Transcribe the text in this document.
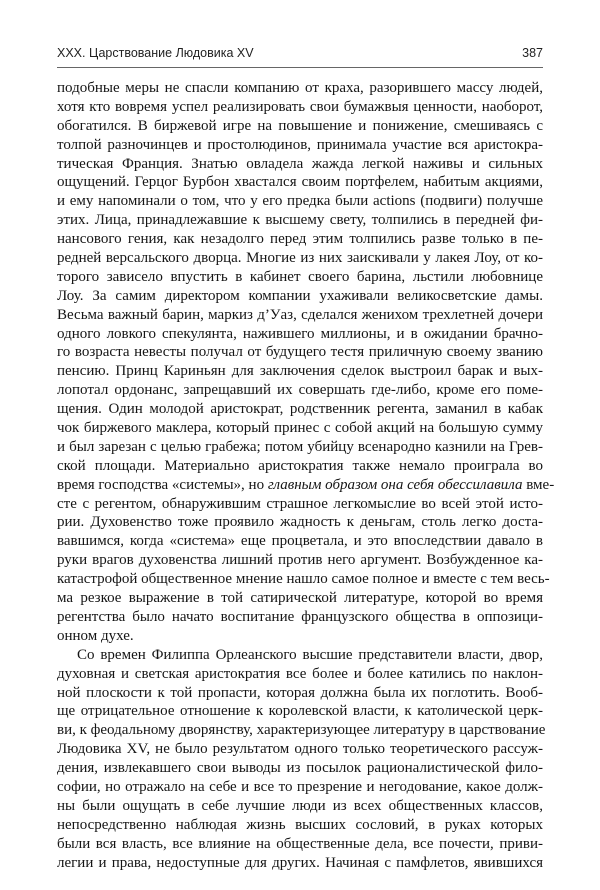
XXX. Царствование Людовика XV	387
подобные меры не спасли компанию от краха, разорившего массу людей,
хотя кто вовремя успел реализировать свои бумажвыя ценности, наоборот,
обогатился. В биржевой игре на повышение и понижение, смешиваясь с
толпой разночинцев и простолюдинов, принимала участие вся аристокра-
тическая Франция. Знатью овладела жажда легкой наживы и сильных
ощущений. Герцог Бурбон хвастался своим портфелем, набитым акциями,
и ему напоминали о том, что у его предка были actions (подвиги) получше
этих. Лица, принадлежавшие к высшему свету, толпились в передней фи-
нансового гения, как незадолго перед этим толпились разве только в пе-
редней версальского дворца. Многие из них заискивали у лакея Лоу, от ко-
торого зависело впустить в кабинет своего барина, льстили любовнице
Лоу. За самим директором компании ухаживали великосветские дамы.
Весьма важный барин, маркиз д’Уаз, сделался женихом трехлетней дочери
одного ловкого спекулянта, нажившего миллионы, и в ожидании брачно-
го возраста невесты получал от будущего тестя приличную своему званию
пенсию. Принц Кариньян для заключения сделок выстроил барак и вых-
лопотал ордонанс, запрещавший их совершать где-либо, кроме его поме-
щения. Один молодой аристократ, родственник регента, заманил в кабак
чок биржевого маклера, который принес с собой акций на большую сумму
и был зарезан с целью грабежа; потом убийцу всенародно казнили на Грев-
ской площади. Материально аристократия также немало проиграла во
время господства «системы», но главным образом она себя обессилавила вме-
сте с регентом, обнаружившим страшное легкомыслие во всей этой исто-
рии. Духовенство тоже проявило жадность к деньгам, столь легко доста-
вавшимся, когда «система» еще процветала, и это впоследствии давало в
руки врагов духовенства лишний против него аргумент. Возбужденное ка-
катастрофой общественное мнение нашло самое полное и вместе с тем весь-
ма резкое выражение в той сатирической литературе, которой во время
регентства было начато воспитание французского общества в оппозици-
онном духе.
Со времен Филиппа Орлеанского высшие представители власти, двор,
духовная и светская аристократия все более и более катились по наклон-
ной плоскости к той пропасти, которая должна была их поглотить. Вооб-
ще отрицательное отношение к королевской власти, к католической церк-
ви, к феодальному дворянству, характеризующее литературу в царствование
Людовика XV, не было результатом одного только теоретического рассуж-
дения, извлекавшего свои выводы из посылок рационалистической фило-
софии, но отражало на себе и все то презрение и негодование, какое долж-
ны были ощущать в себе лучшие люди из всех общественных классов,
непосредственно наблюдая жизнь высших сословий, в руках которых
были вся власть, все влияние на общественные дела, все почести, приви-
легии и права, недоступные для других. Начиная с памфлетов, явившихся
